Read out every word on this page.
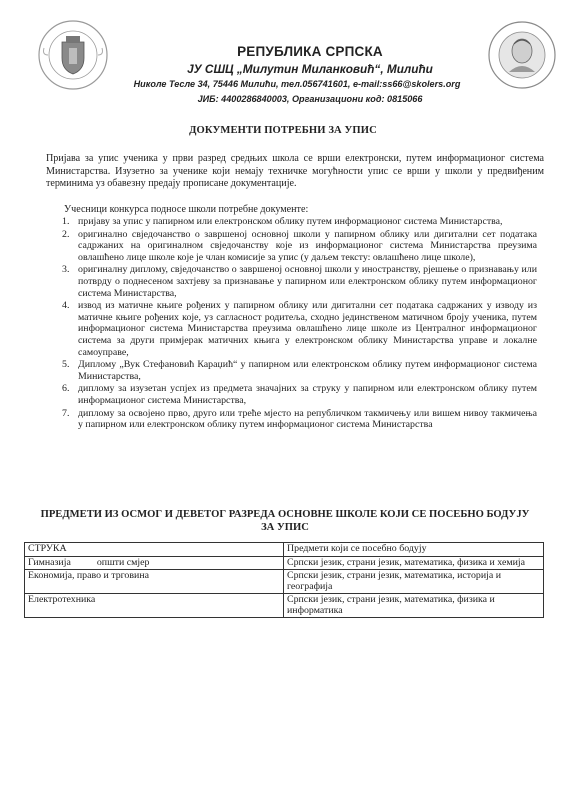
РЕПУБЛИКА СРПСКА
ЈУ СШЦ „Милутин Миланковић“, Милићи
Николе Тесле 34, 75446 Милићи, тел.056741601, e-mail:ss66@skolers.org
ЈИБ: 4400286840003, Организациони код: 0815066
ДОКУМЕНТИ ПОТРЕБНИ ЗА УПИС
Пријава за упис ученика у први разред средњих школа се врши електронски, путем информационог система Министарства. Изузетно за ученике који немају техничке могућности упис се врши у школи у предвиђеним терминима уз обавезну предају прописане документације.
Учесници конкурса подносе школи потребне документе:
1. пријаву за упис у папирном или електронском облику путем информационог система Министарства,
2. оригинално свједочанство о завршеној основној школи у папирном облику или дигитални сет података садржаних на оригиналном свједочанству које из информационог система Министарства преузима овлашћено лице школе које је члан комисије за упис (у даљем тексту: овлашћено лице школе),
3. оригиналну диплому, свједочанство о завршеној основној школи у иностранству, рјешење о признавању или потврду о поднесеном захтјеву за признавање у папирном или електронском облику путем информационог система Министарства,
4. извод из матичне књиге рођених у папирном облику или дигитални сет података садржаних у изводу из матичне књиге рођених које, уз сагласност родитеља, сходно јединственом матичном броју ученика, путем информационог система Министарства преузима овлашћено лице школе из Централног информационог система за други примјерак матичних књига у електронском облику Министарства управе и локалне самоуправе,
5. Диплому „Вук Стефановић Караџић“ у папирном или електронском облику путем информационог система Министарства,
6. диплому за изузетан успјех из предмета значајних за струку у папирном или електронском облику путем информационог система Министарства,
7. диплому за освојено прво, друго или треће мјесто на републичком такмичењу или вишем нивоу такмичења у папирном или електронском облику путем информационог система Министарства
ПРЕДМЕТИ ИЗ ОСМОГ И ДЕВЕТОГ РАЗРЕДА ОСНОВНЕ ШКОЛЕ КОЈИ СЕ ПОСЕБНО БОДУЈУ ЗА УПИС
СТРУКА	Предмети који се посебно бодују
Гимназија општи смјер	Српски језик, страни језик, математика, физика и хемија
Економија, право и трговина	Српски језик, страни језик, математика, историја и географија
Електротехника	Српски језик, страни језик, математика, физика и информатика
